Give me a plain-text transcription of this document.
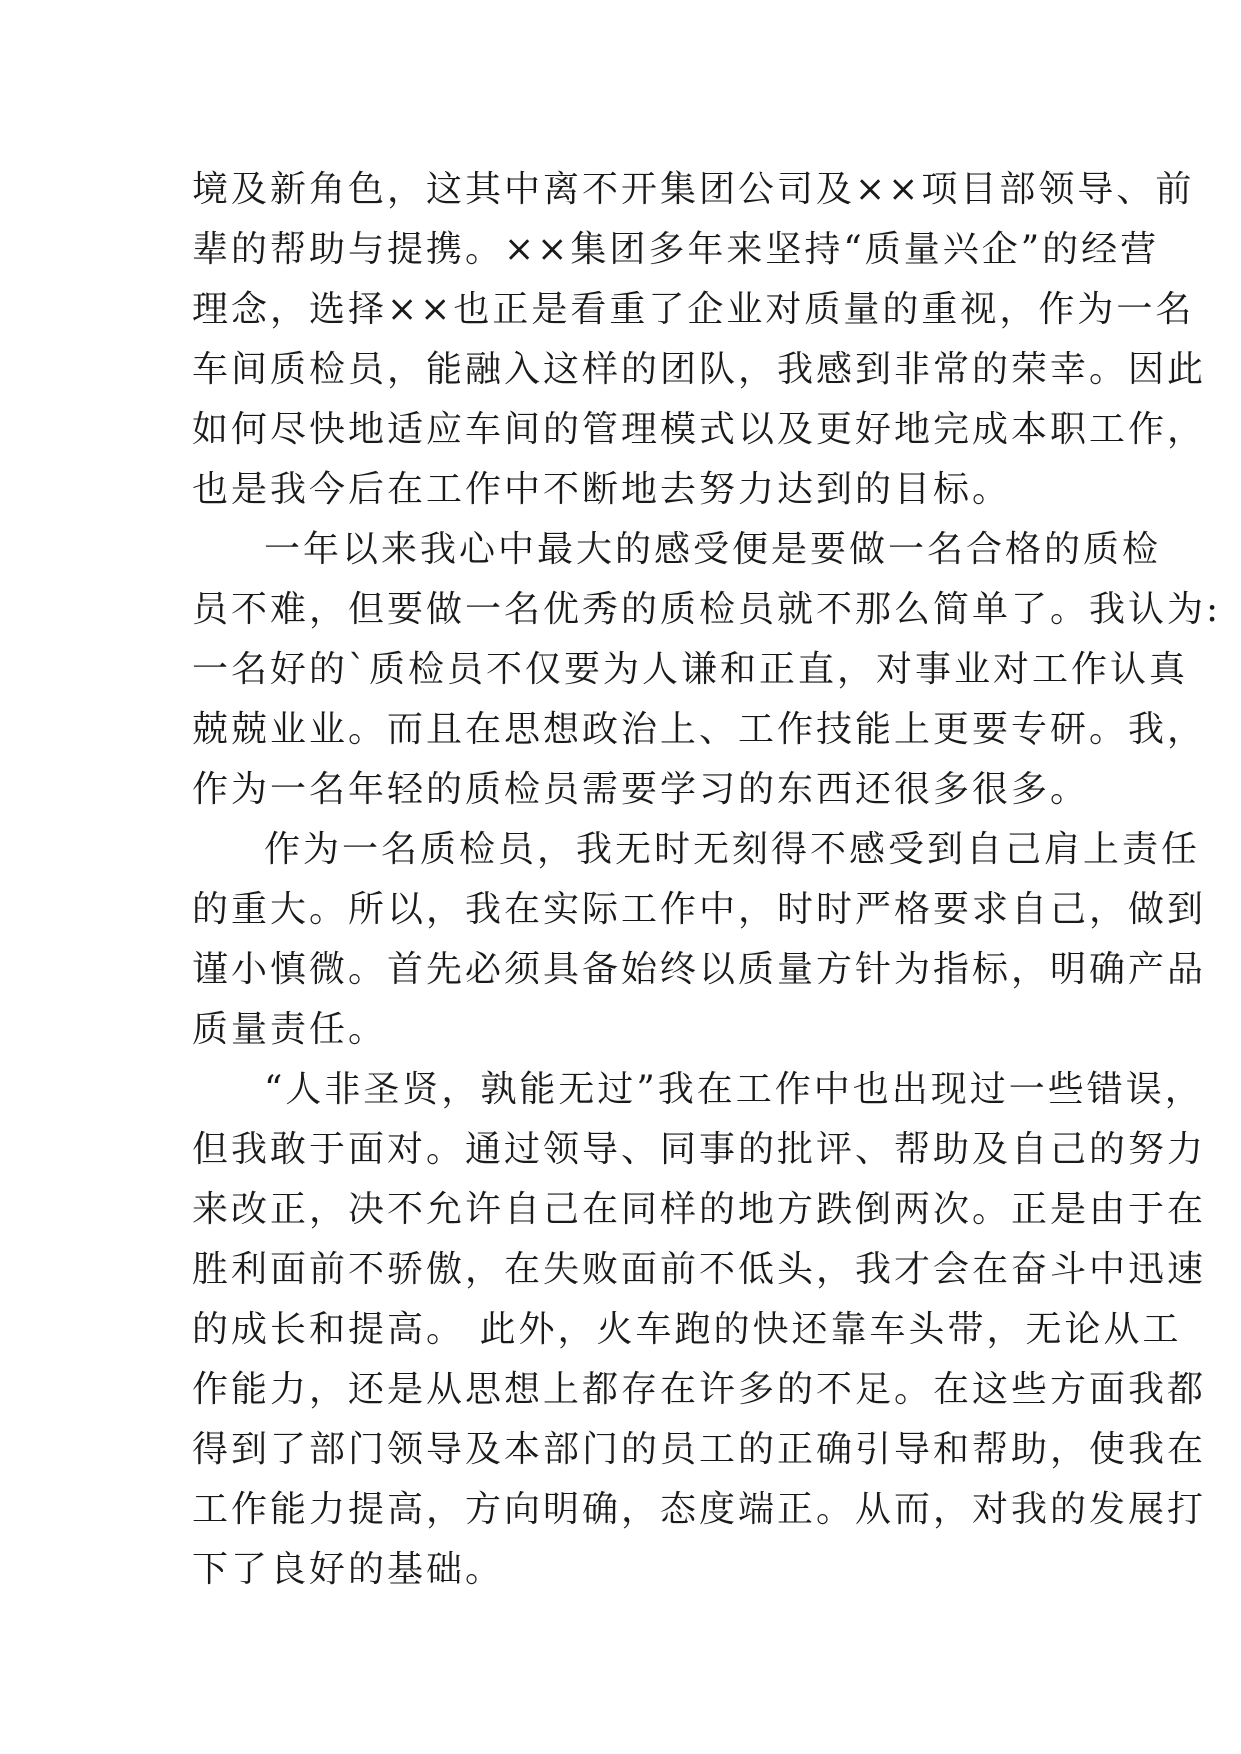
境及新角色，这其中离不开集团公司及××项目部领导、前
辈的帮助与提携。××集团多年来坚持“质量兴企”的经营
理念，选择××也正是看重了企业对质量的重视，作为一名
车间质检员，能融入这样的团队，我感到非常的荣幸。因此
如何尽快地适应车间的管理模式以及更好地完成本职工作，
也是我今后在工作中不断地去努力达到的目标。
一年以来我心中最大的感受便是要做一名合格的质检
员不难，但要做一名优秀的质检员就不那么简单了。我认为:
一名好的`质检员不仅要为人谦和正直，对事业对工作认真
兢兢业业。而且在思想政治上、工作技能上更要专研。我，
作为一名年轻的质检员需要学习的东西还很多很多。
作为一名质检员，我无时无刻得不感受到自己肩上责任
的重大。所以，我在实际工作中，时时严格要求自己，做到
谨小慎微。首先必须具备始终以质量方针为指标，明确产品
质量责任。
“人非圣贤，孰能无过”我在工作中也出现过一些错误，
但我敢于面对。通过领导、同事的批评、帮助及自己的努力
来改正，决不允许自己在同样的地方跌倒两次。正是由于在
胜利面前不骄傲，在失败面前不低头，我才会在奋斗中迅速
的成长和提高。 此外，火车跑的快还靠车头带，无论从工
作能力，还是从思想上都存在许多的不足。在这些方面我都
得到了部门领导及本部门的员工的正确引导和帮助，使我在
工作能力提高，方向明确，态度端正。从而，对我的发展打
下了良好的基础。
